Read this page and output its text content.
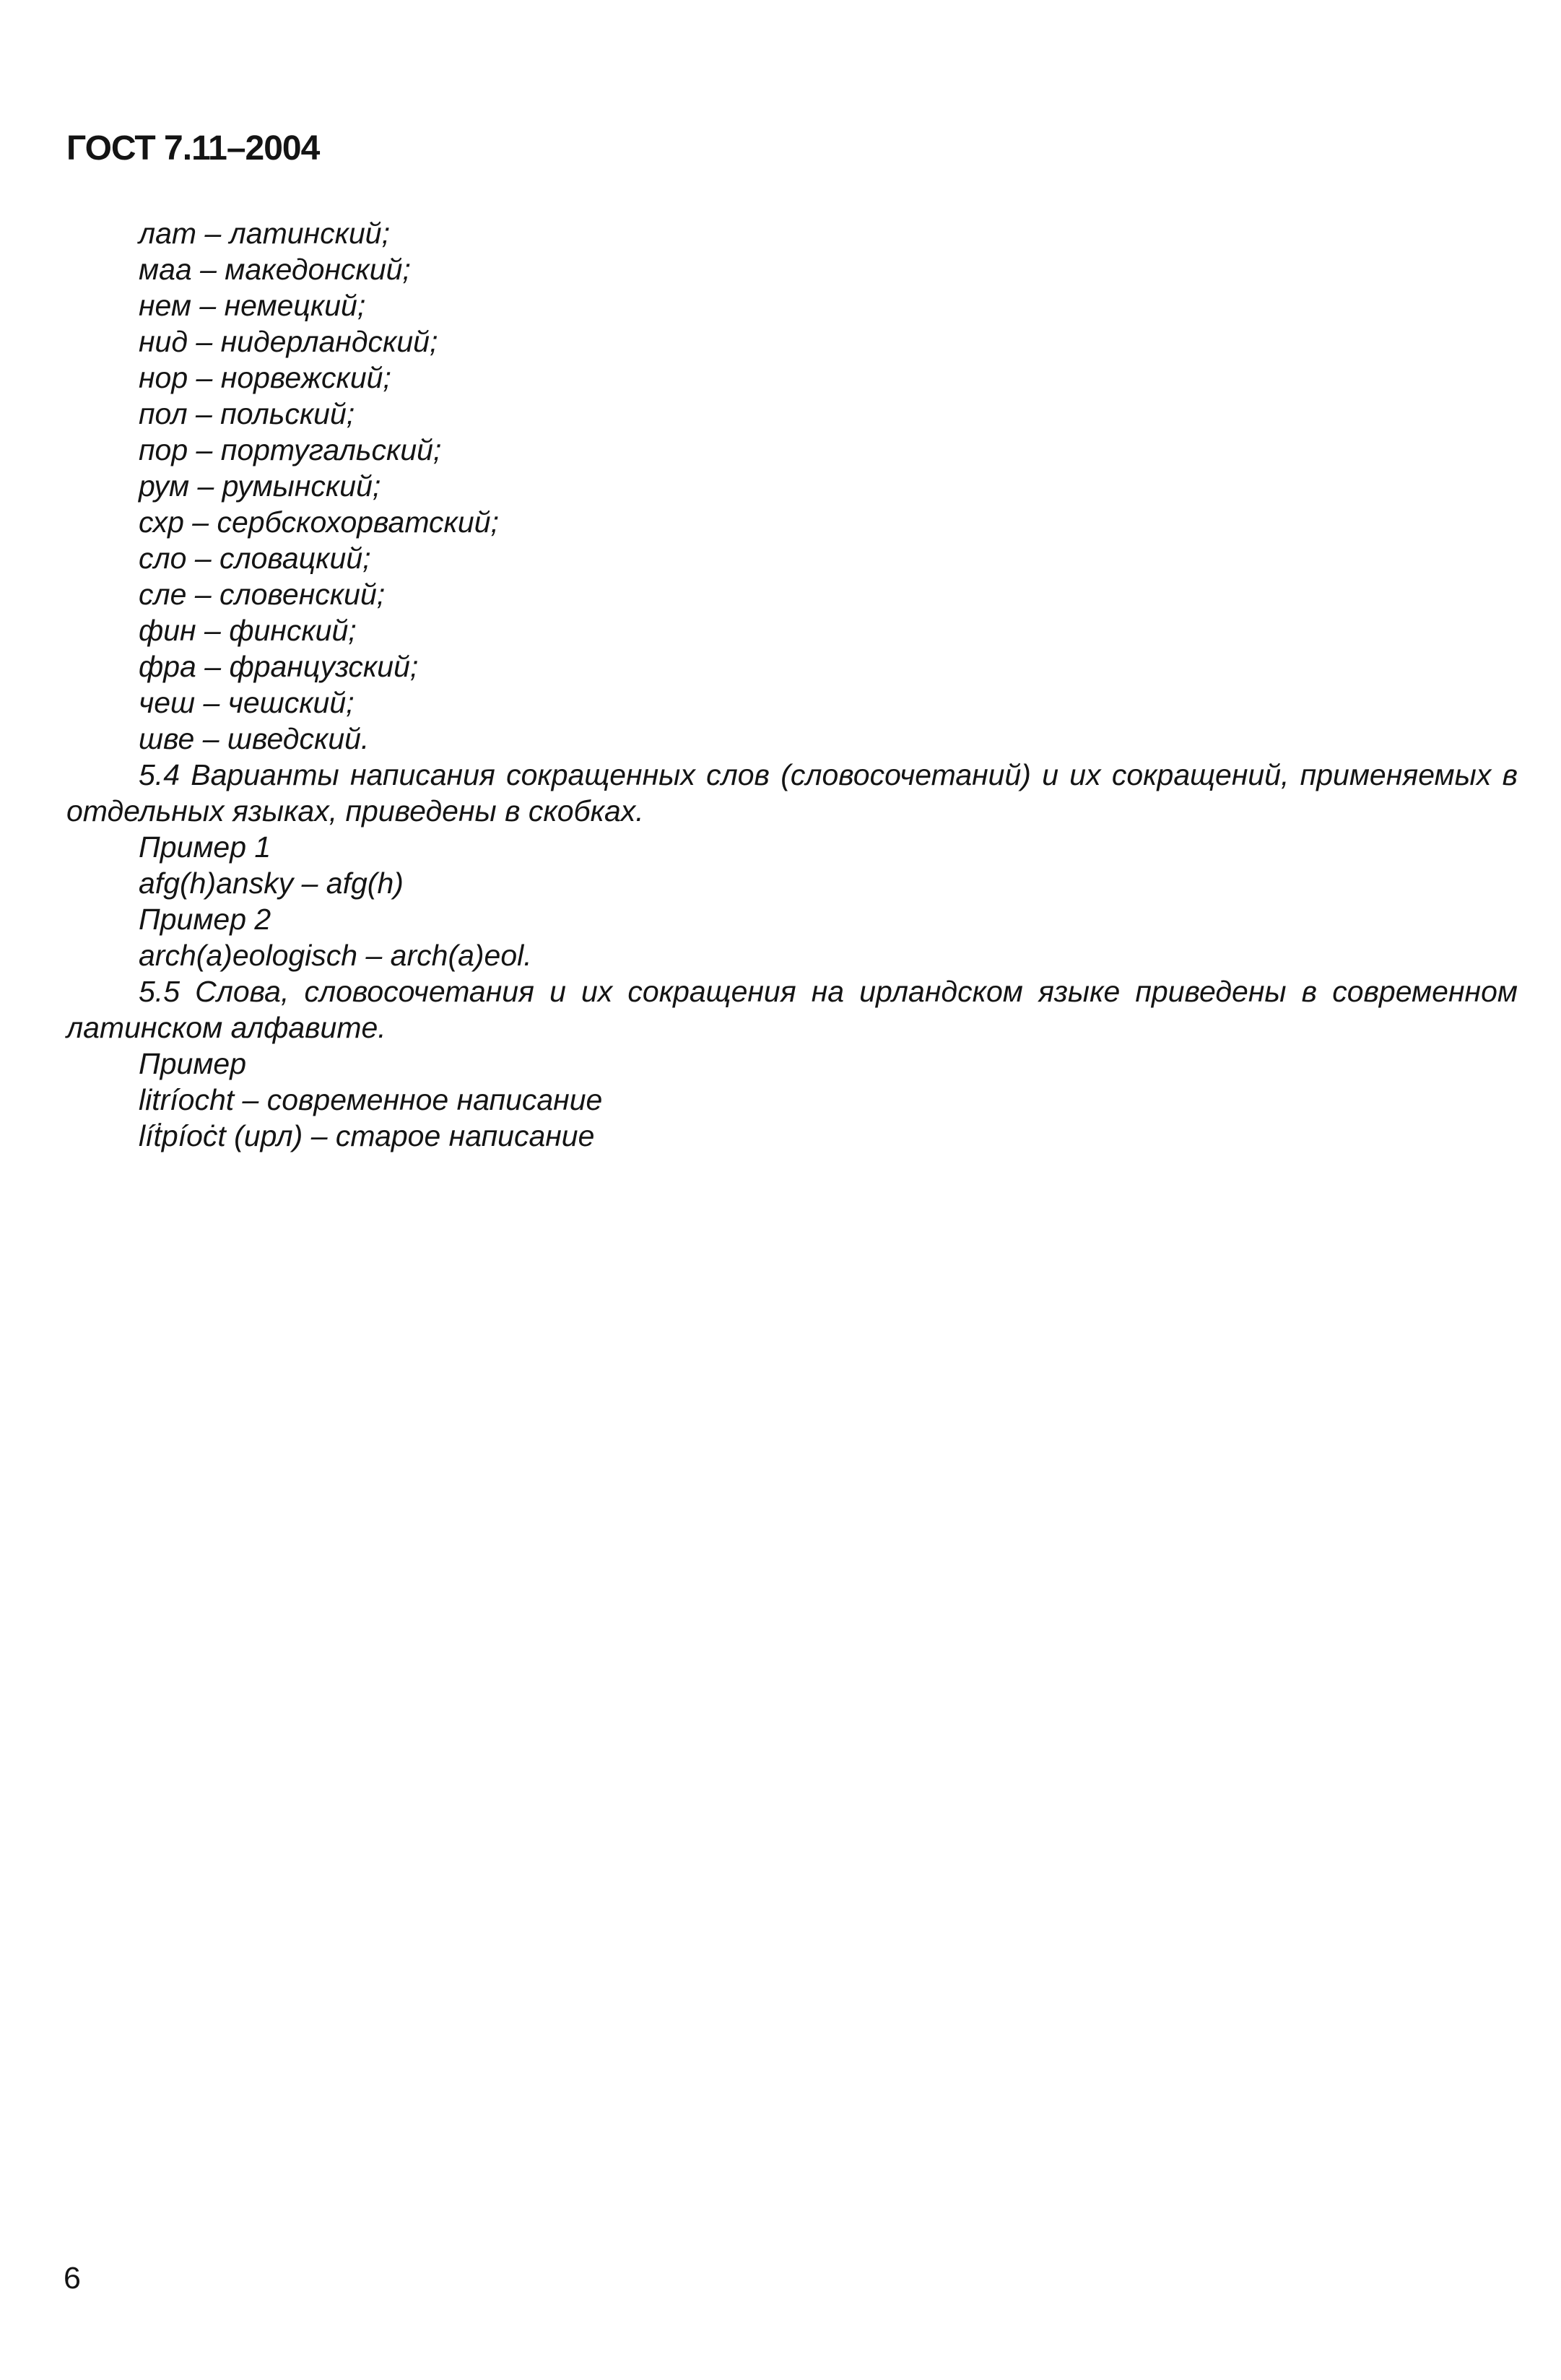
ГОСТ 7.11–2004
лат – латинский;
маа – македонский;
нем – немецкий;
нид – нидерландский;
нор – норвежский;
пол – польский;
пор – португальский;
рум – румынский;
схр – сербскохорватский;
сло – словацкий;
сле – словенский;
фин – финский;
фра – французский;
чеш – чешский;
шве – шведский.

5.4 Варианты написания сокращенных слов (словосочетаний) и их сокращений, применяемых в отдельных языках, приведены в скобках.

Пример 1
afg(h)ansky – afg(h)
Пример 2
arch(a)eologisch – arch(a)eol.

5.5 Слова, словосочетания и их сокращения на ирландском языке приведены в современном латинском алфавите.

Пример
litríocht – современное написание
líṫpíoċt (ирл) – старое написание
6
